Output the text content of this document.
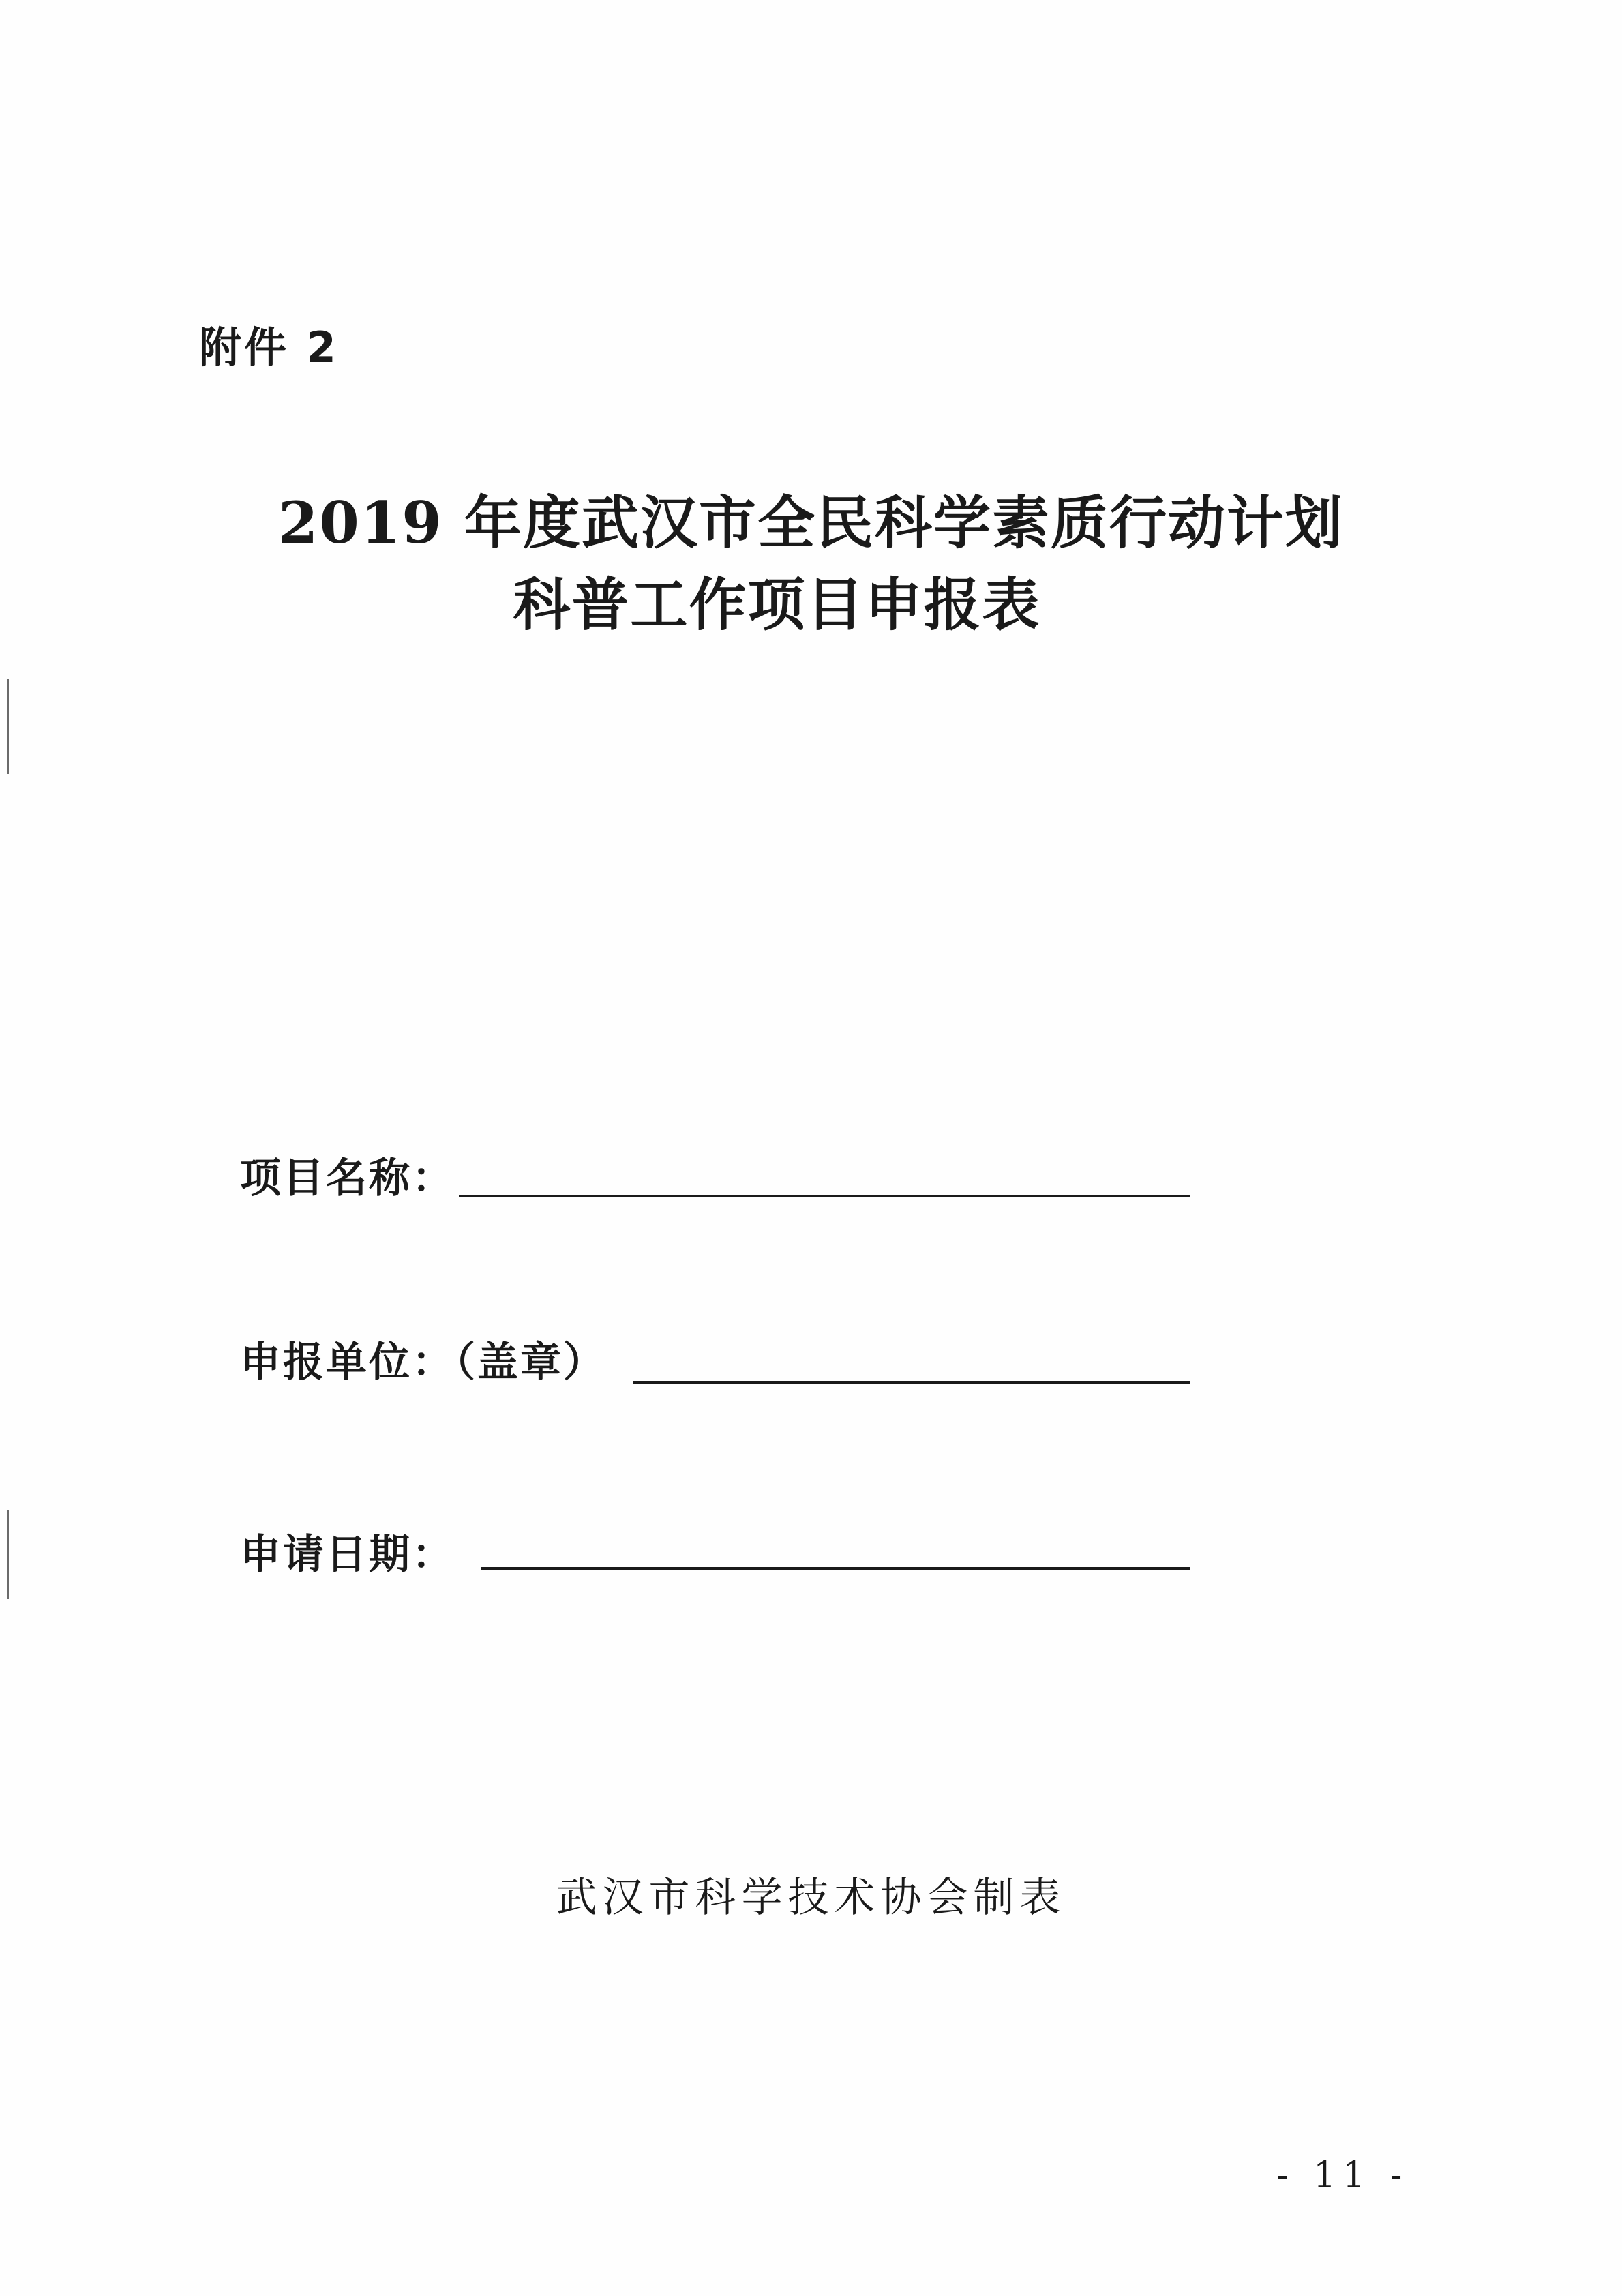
附件 2
2019 年度武汉市全民科学素质行动计划
科普工作项目申报表
项目名称：
申报单位：（盖章）
申请日期：
武汉市科学技术协会制表
- 11 -
